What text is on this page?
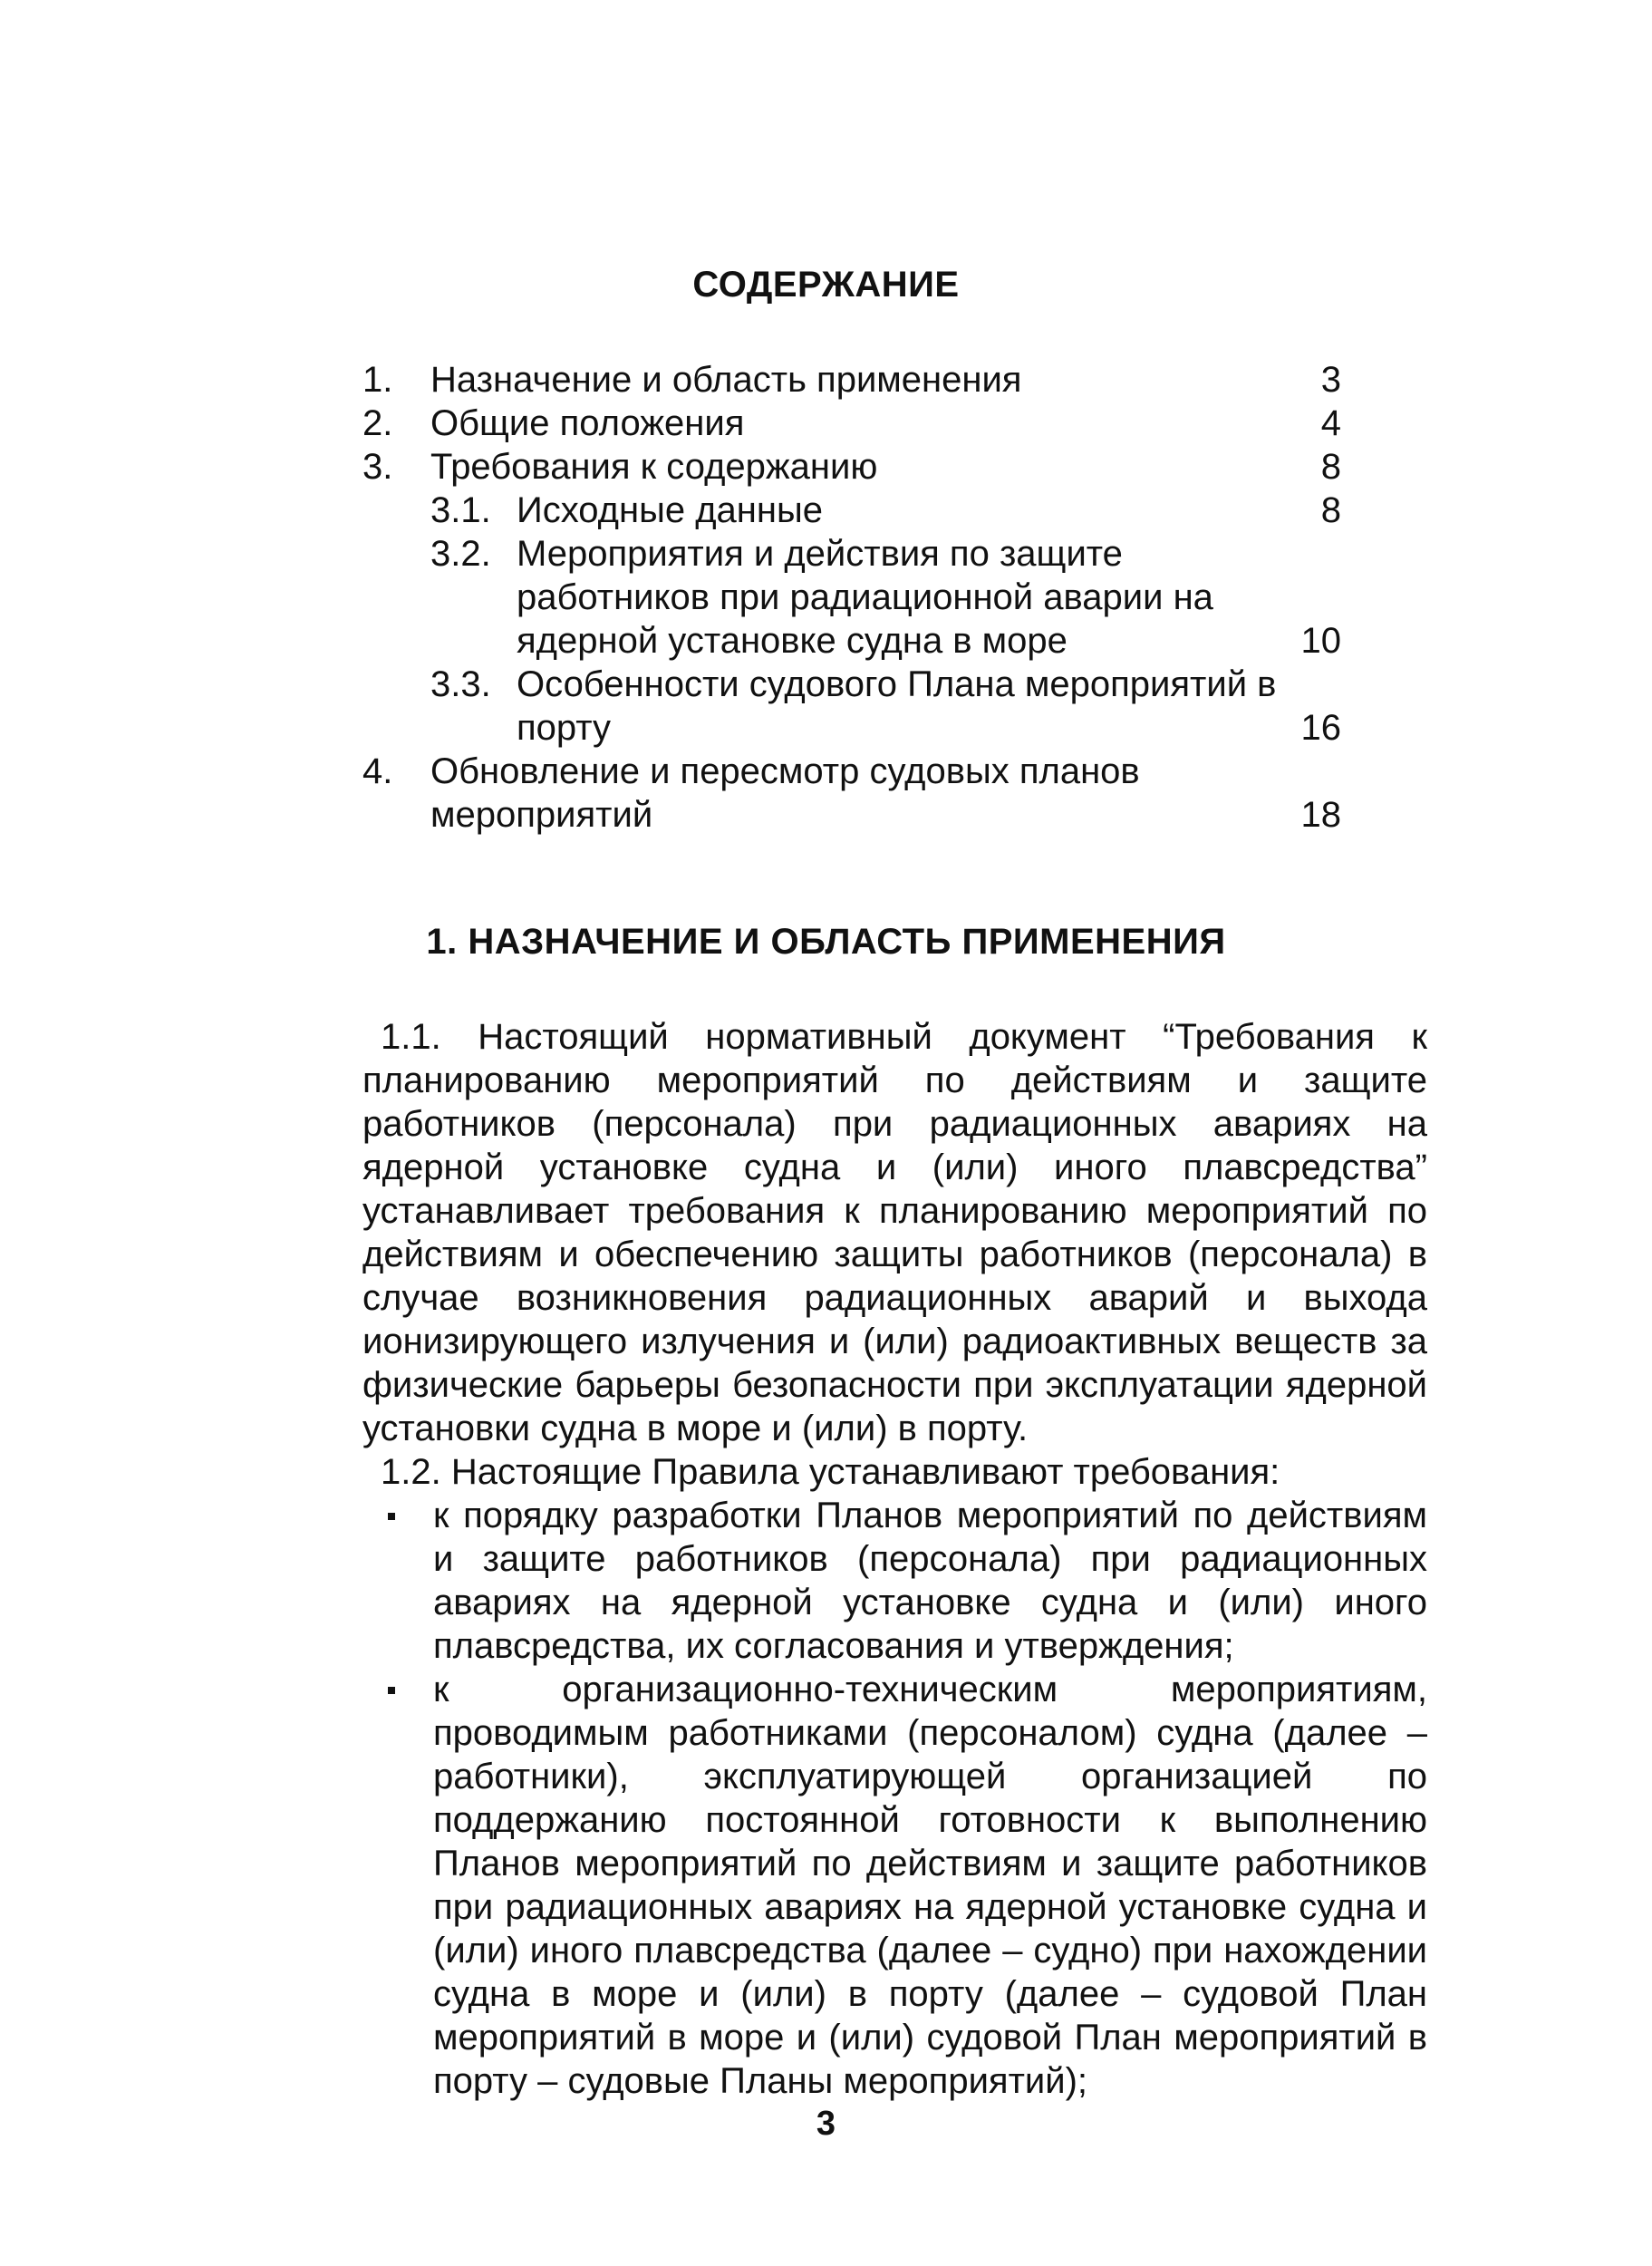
СОДЕРЖАНИЕ
1. Назначение и область применения	3
2. Общие положения	4
3. Требования к содержанию	8
3.1. Исходные данные	8
3.2. Мероприятия и действия по защите работников при радиационной аварии на ядерной установке судна в море	10
3.3. Особенности судового Плана мероприятий в порту	16
4. Обновление и пересмотр судовых планов мероприятий	18
1. НАЗНАЧЕНИЕ И ОБЛАСТЬ ПРИМЕНЕНИЯ

1.1. Настоящий нормативный документ “Требования к планированию мероприятий по действиям и защите работников (персонала) при радиационных авариях на ядерной установке судна и (или) иного плавсредства” устанавливает требования к планированию мероприятий по действиям и обеспечению защиты работников (персонала) в случае возникновения радиационных аварий и выхода ионизирующего излучения и (или) радиоактивных веществ за физические барьеры безопасности при эксплуатации ядерной установки судна в море и (или) в порту.

1.2. Настоящие Правила устанавливают требования:

к порядку разработки Планов мероприятий по действиям и защите работников (персонала) при радиационных авариях на ядерной установке судна и (или) иного плавсредства, их согласования и утверждения;
к организационно-техническим мероприятиям, проводимым работниками (персоналом) судна (далее – работники), эксплуатирующей организацией по поддержанию постоянной готовности к выполнению Планов мероприятий по действиям и защите работников при радиационных авариях на ядерной установке судна и (или) иного плавсредства (далее – судно) при нахождении судна в море и (или) в порту (далее – судовой План мероприятий в море и (или) судовой План мероприятий в порту – судовые Планы мероприятий);
3
